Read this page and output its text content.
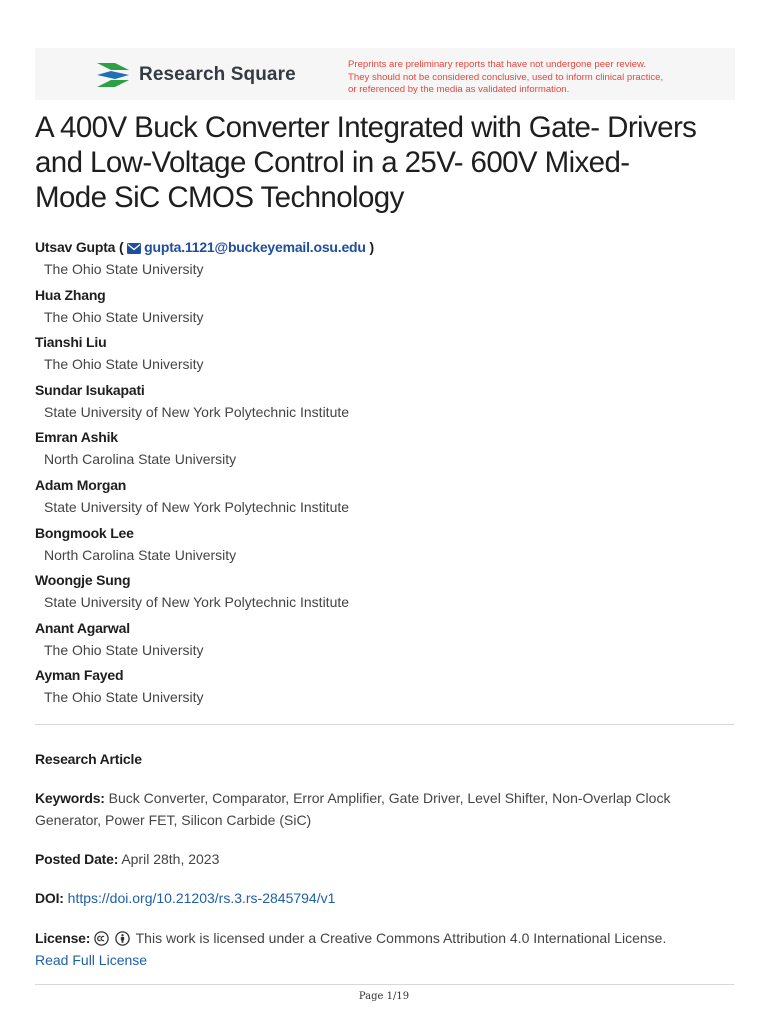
Research Square	Preprints are preliminary reports that have not undergone peer review.
They should not be considered conclusive, used to inform clinical practice,
or referenced by the media as validated information.
A 400V Buck Converter Integrated with Gate- Drivers
and Low-Voltage Control in a 25V- 600V Mixed-
Mode SiC CMOS Technology
Utsav Gupta ( gupta.1121@buckeyemail.osu.edu )
The Ohio State University
Hua Zhang
The Ohio State University
Tianshi Liu
The Ohio State University
Sundar Isukapati
State University of New York Polytechnic Institute
Emran Ashik
North Carolina State University
Adam Morgan
State University of New York Polytechnic Institute
Bongmook Lee
North Carolina State University
Woongje Sung
State University of New York Polytechnic Institute
Anant Agarwal
The Ohio State University
Ayman Fayed
The Ohio State University
Research Article
Keywords: Buck Converter, Comparator, Error Amplifier, Gate Driver, Level Shifter, Non-Overlap Clock
Generator, Power FET, Silicon Carbide (SiC)
Posted Date: April 28th, 2023
DOI: https://doi.org/10.21203/rs.3.rs-2845794/v1
License:	This work is licensed under a Creative Commons Attribution 4.0 International License.
Read Full License
Page 1/19
